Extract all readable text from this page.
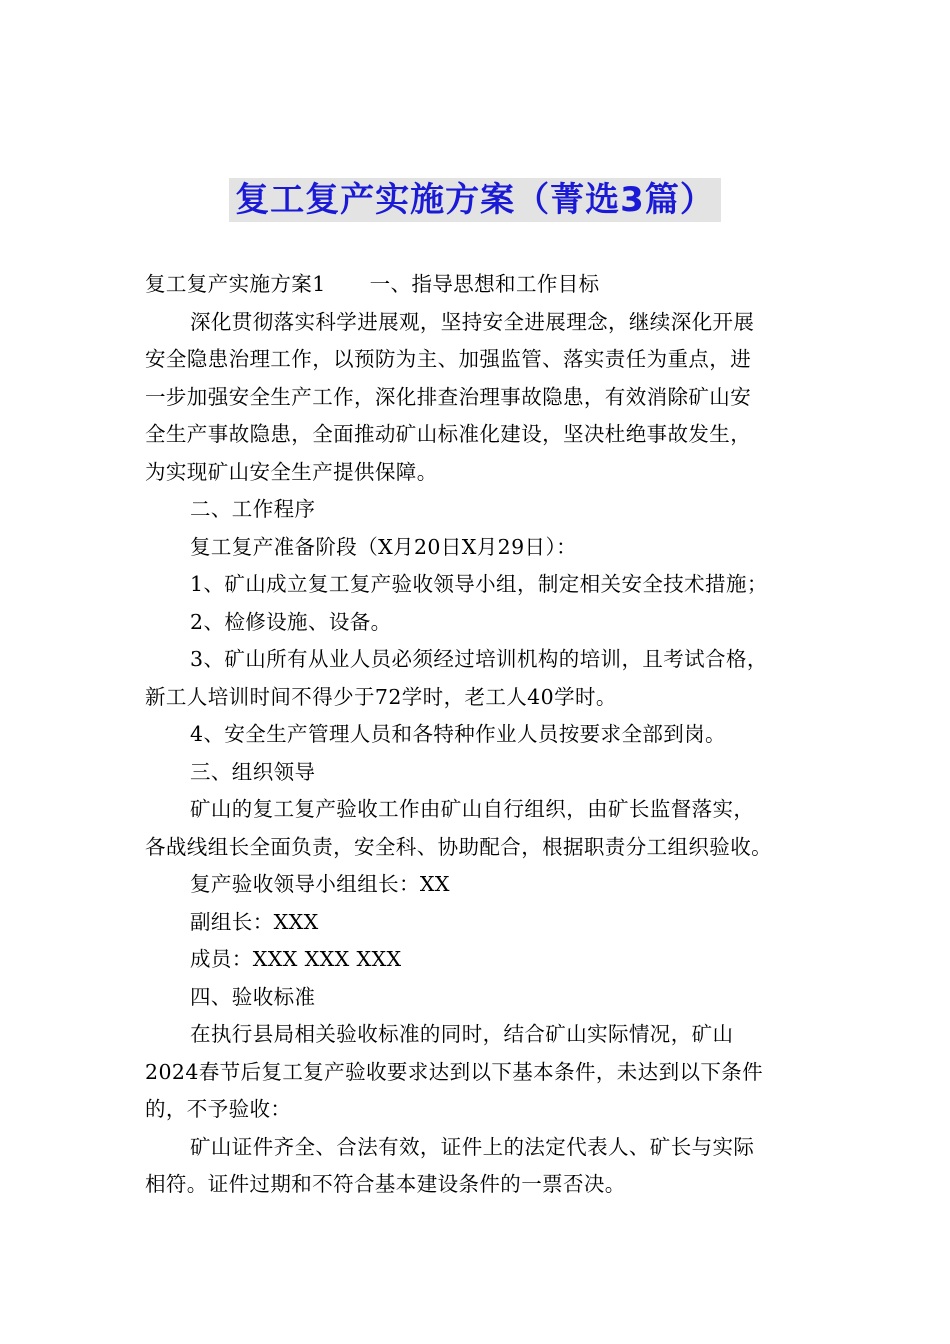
复工复产实施方案（菁选3篇）
复工复产实施方案1 一、指导思想和工作目标
深化贯彻落实科学进展观，坚持安全进展理念，继续深化开展
安全隐患治理工作，以预防为主、加强监管、落实责任为重点，进
一步加强安全生产工作，深化排查治理事故隐患，有效消除矿山安
全生产事故隐患，全面推动矿山标准化建设，坚决杜绝事故发生，
为实现矿山安全生产提供保障。
二、工作程序
复工复产准备阶段（X月20日X月29日）：
1、矿山成立复工复产验收领导小组，制定相关安全技术措施；
2、检修设施、设备。
3、矿山所有从业人员必须经过培训机构的培训，且考试合格，
新工人培训时间不得少于72学时，老工人40学时。
4、安全生产管理人员和各特种作业人员按要求全部到岗。
三、组织领导
矿山的复工复产验收工作由矿山自行组织，由矿长监督落实，
各战线组长全面负责，安全科、协助配合，根据职责分工组织验收。
复产验收领导小组组长：XX
副组长：XXX
成员：XXX XXX XXX
四、验收标准
在执行县局相关验收标准的同时，结合矿山实际情况，矿山
2024春节后复工复产验收要求达到以下基本条件，未达到以下条件
的，不予验收：
矿山证件齐全、合法有效，证件上的法定代表人、矿长与实际
相符。证件过期和不符合基本建设条件的一票否决。
